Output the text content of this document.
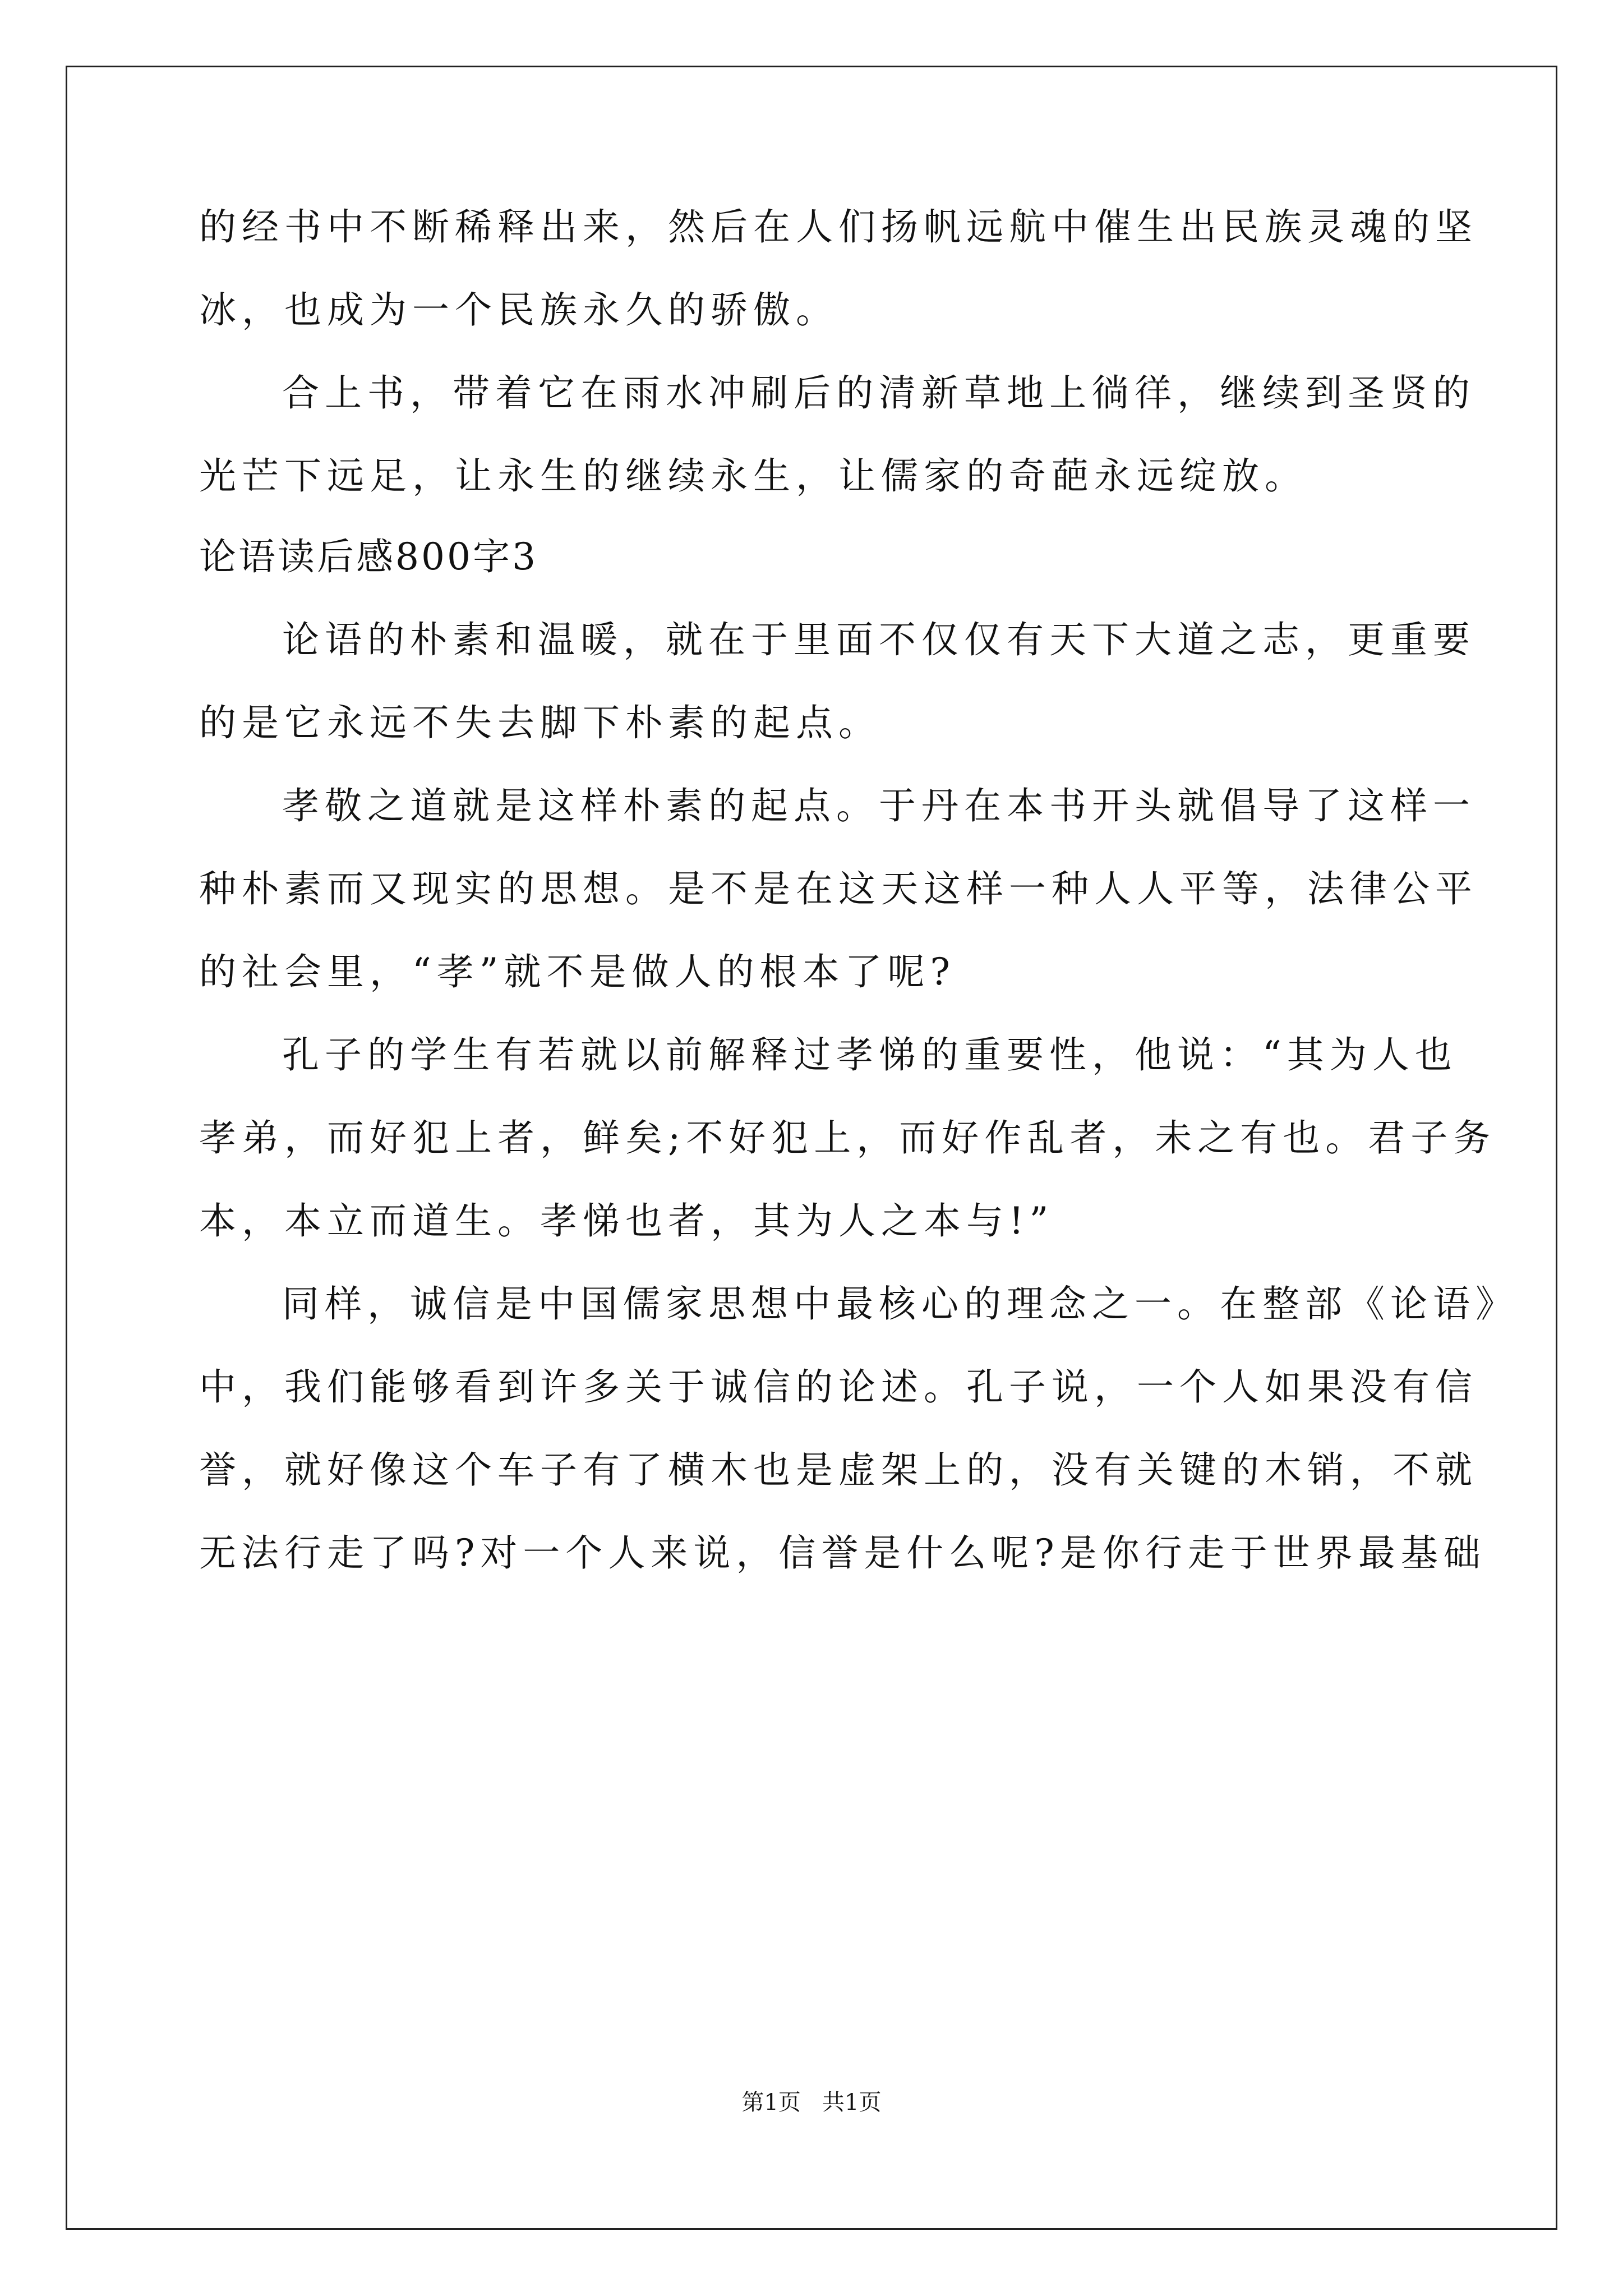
的经书中不断稀释出来，然后在人们扬帆远航中催生出民族灵魂的坚
冰，也成为一个民族永久的骄傲。
合上书，带着它在雨水冲刷后的清新草地上徜徉，继续到圣贤的
光芒下远足，让永生的继续永生，让儒家的奇葩永远绽放。
论语读后感800字3
论语的朴素和温暖，就在于里面不仅仅有天下大道之志，更重要
的是它永远不失去脚下朴素的起点。
孝敬之道就是这样朴素的起点。于丹在本书开头就倡导了这样一
种朴素而又现实的思想。是不是在这天这样一种人人平等，法律公平
的社会里，“孝”就不是做人的根本了呢?
孔子的学生有若就以前解释过孝悌的重要性，他说：“其为人也
孝弟，而好犯上者，鲜矣;不好犯上，而好作乱者，未之有也。君子务
本，本立而道生。孝悌也者，其为人之本与!”
同样，诚信是中国儒家思想中最核心的理念之一。在整部《论语》
中，我们能够看到许多关于诚信的论述。孔子说，一个人如果没有信
誉，就好像这个车子有了横木也是虚架上的，没有关键的木销，不就
无法行走了吗?对一个人来说，信誉是什么呢?是你行走于世界最基础
第1页   共1页
